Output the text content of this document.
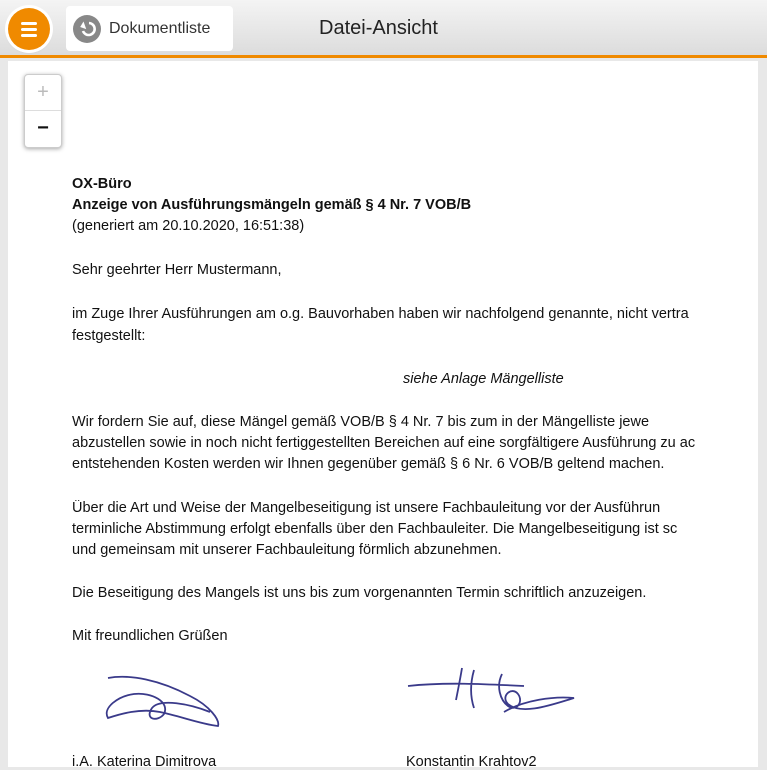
Dokumentliste	Datei-Ansicht
+
−
OX-Büro
Anzeige von Ausführungsmängeln gemäß § 4 Nr. 7 VOB/B
(generiert am 20.10.2020, 16:51:38)
Sehr geehrter Herr Mustermann,
im Zuge Ihrer Ausführungen am o.g. Bauvorhaben haben wir nachfolgend genannte, nicht vertra
festgestellt:
siehe Anlage Mängelliste
Wir fordern Sie auf, diese Mängel gemäß VOB/B § 4 Nr. 7 bis zum in der Mängelliste jewe
abzustellen sowie in noch nicht fertiggestellten Bereichen auf eine sorgfältigere Ausführung zu ac
entstehenden Kosten werden wir Ihnen gegenüber gemäß § 6 Nr. 6 VOB/B geltend machen.
Über die Art und Weise der Mangelbeseitigung ist unsere Fachbauleitung vor der Ausführun
terminliche Abstimmung erfolgt ebenfalls über den Fachbauleiter. Die Mangelbeseitigung ist sc
und gemeinsam mit unserer Fachbauleitung förmlich abzunehmen.
Die Beseitigung des Mangels ist uns bis zum vorgenannten Termin schriftlich anzuzeigen.
Mit freundlichen Grüßen
i.A. Katerina Dimitrova	Konstantin Krahtov2
